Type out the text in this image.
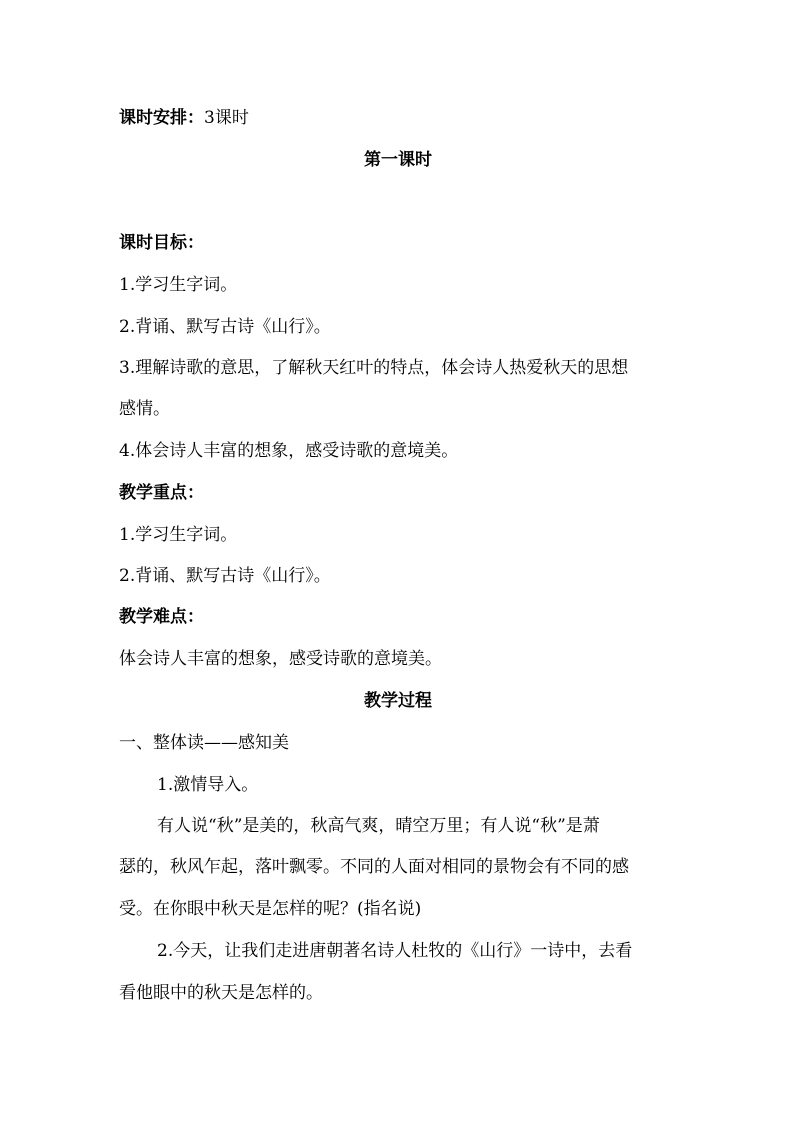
课时安排：3课时
第一课时
课时目标：
1.学习生字词。
2.背诵、默写古诗《山行》。
3.理解诗歌的意思，了解秋天红叶的特点，体会诗人热爱秋天的思想
感情。
4.体会诗人丰富的想象，感受诗歌的意境美。
教学重点：
1.学习生字词。
2.背诵、默写古诗《山行》。
教学难点：
体会诗人丰富的想象，感受诗歌的意境美。
教学过程
一、整体读——感知美
1.激情导入。
有人说“秋”是美的，秋高气爽，晴空万里；有人说“秋”是萧
瑟的，秋风乍起，落叶飘零。不同的人面对相同的景物会有不同的感
受。在你眼中秋天是怎样的呢？(指名说)
2.今天，让我们走进唐朝著名诗人杜牧的《山行》一诗中，去看
看他眼中的秋天是怎样的。
